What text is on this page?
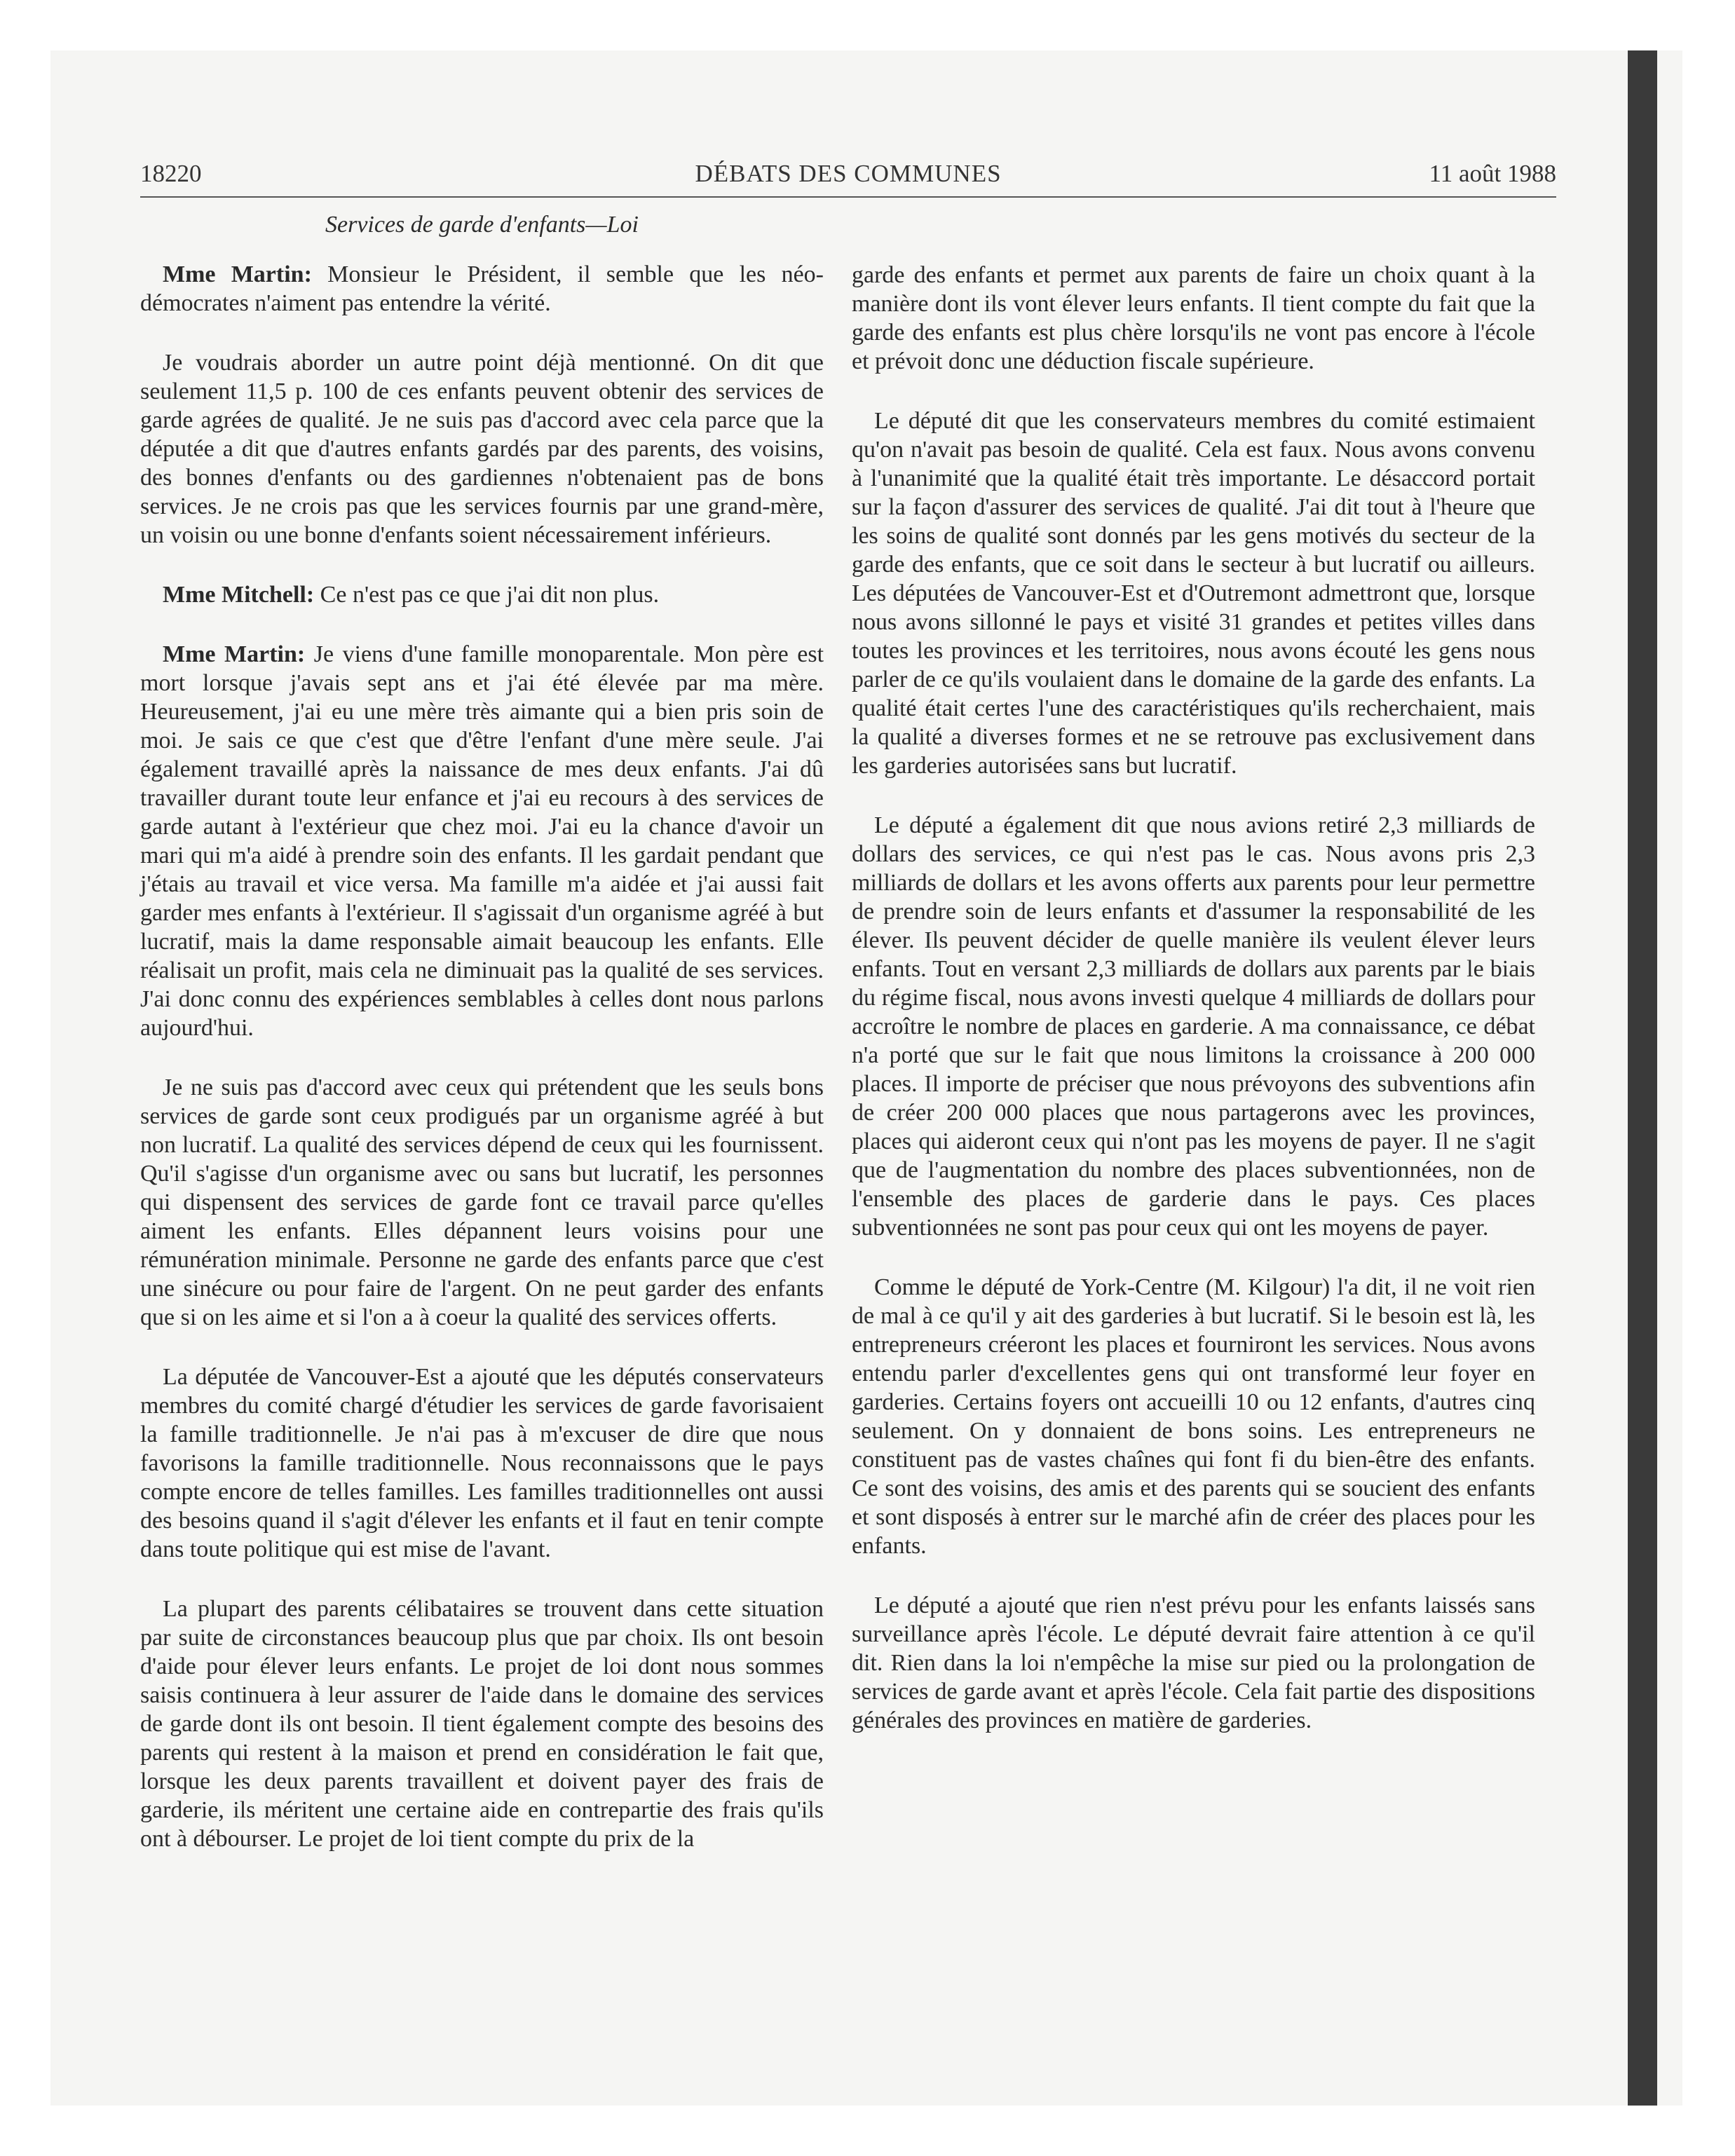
18220	DÉBATS DES COMMUNES	11 août 1988
Services de garde d'enfants—Loi

Mme Martin: Monsieur le Président, il semble que les néo-démocrates n'aiment pas entendre la vérité.

Je voudrais aborder un autre point déjà mentionné. On dit que seulement 11,5 p. 100 de ces enfants peuvent obtenir des services de garde agrées de qualité. Je ne suis pas d'accord avec cela parce que la députée a dit que d'autres enfants gardés par des parents, des voisins, des bonnes d'enfants ou des gardiennes n'obtenaient pas de bons services. Je ne crois pas que les services fournis par une grand-mère, un voisin ou une bonne d'enfants soient nécessairement inférieurs.

Mme Mitchell: Ce n'est pas ce que j'ai dit non plus.

Mme Martin: Je viens d'une famille monoparentale. Mon père est mort lorsque j'avais sept ans et j'ai été élevée par ma mère. Heureusement, j'ai eu une mère très aimante qui a bien pris soin de moi. Je sais ce que c'est que d'être l'enfant d'une mère seule. J'ai également travaillé après la naissance de mes deux enfants. J'ai dû travailler durant toute leur enfance et j'ai eu recours à des services de garde autant à l'extérieur que chez moi. J'ai eu la chance d'avoir un mari qui m'a aidé à prendre soin des enfants. Il les gardait pendant que j'étais au travail et vice versa. Ma famille m'a aidée et j'ai aussi fait garder mes enfants à l'extérieur. Il s'agissait d'un organisme agréé à but lucratif, mais la dame responsable aimait beaucoup les enfants. Elle réalisait un profit, mais cela ne diminuait pas la qualité de ses services. J'ai donc connu des expériences semblables à celles dont nous parlons aujourd'hui.

Je ne suis pas d'accord avec ceux qui prétendent que les seuls bons services de garde sont ceux prodigués par un organisme agréé à but non lucratif. La qualité des services dépend de ceux qui les fournissent. Qu'il s'agisse d'un organisme avec ou sans but lucratif, les personnes qui dispensent des services de garde font ce travail parce qu'elles aiment les enfants. Elles dépannent leurs voisins pour une rémunération minimale. Personne ne garde des enfants parce que c'est une sinécure ou pour faire de l'argent. On ne peut garder des enfants que si on les aime et si l'on a à coeur la qualité des services offerts.

La députée de Vancouver-Est a ajouté que les députés conservateurs membres du comité chargé d'étudier les services de garde favorisaient la famille traditionnelle. Je n'ai pas à m'excuser de dire que nous favorisons la famille traditionnelle. Nous reconnaissons que le pays compte encore de telles familles. Les familles traditionnelles ont aussi des besoins quand il s'agit d'élever les enfants et il faut en tenir compte dans toute politique qui est mise de l'avant.

La plupart des parents célibataires se trouvent dans cette situation par suite de circonstances beaucoup plus que par choix. Ils ont besoin d'aide pour élever leurs enfants. Le projet de loi dont nous sommes saisis continuera à leur assurer de l'aide dans le domaine des services de garde dont ils ont besoin. Il tient également compte des besoins des parents qui restent à la maison et prend en considération le fait que, lorsque les deux parents travaillent et doivent payer des frais de garderie, ils méritent une certaine aide en contrepartie des frais qu'ils ont à débourser. Le projet de loi tient compte du prix de la

garde des enfants et permet aux parents de faire un choix quant à la manière dont ils vont élever leurs enfants. Il tient compte du fait que la garde des enfants est plus chère lorsqu'ils ne vont pas encore à l'école et prévoit donc une déduction fiscale supérieure.

Le député dit que les conservateurs membres du comité estimaient qu'on n'avait pas besoin de qualité. Cela est faux. Nous avons convenu à l'unanimité que la qualité était très importante. Le désaccord portait sur la façon d'assurer des services de qualité. J'ai dit tout à l'heure que les soins de qualité sont donnés par les gens motivés du secteur de la garde des enfants, que ce soit dans le secteur à but lucratif ou ailleurs. Les députées de Vancouver-Est et d'Outremont admettront que, lorsque nous avons sillonné le pays et visité 31 grandes et petites villes dans toutes les provinces et les territoires, nous avons écouté les gens nous parler de ce qu'ils voulaient dans le domaine de la garde des enfants. La qualité était certes l'une des caractéristiques qu'ils recherchaient, mais la qualité a diverses formes et ne se retrouve pas exclusivement dans les garderies autorisées sans but lucratif.

Le député a également dit que nous avions retiré 2,3 milliards de dollars des services, ce qui n'est pas le cas. Nous avons pris 2,3 milliards de dollars et les avons offerts aux parents pour leur permettre de prendre soin de leurs enfants et d'assumer la responsabilité de les élever. Ils peuvent décider de quelle manière ils veulent élever leurs enfants. Tout en versant 2,3 milliards de dollars aux parents par le biais du régime fiscal, nous avons investi quelque 4 milliards de dollars pour accroître le nombre de places en garderie. A ma connaissance, ce débat n'a porté que sur le fait que nous limitons la croissance à 200 000 places. Il importe de préciser que nous prévoyons des subventions afin de créer 200 000 places que nous partagerons avec les provinces, places qui aideront ceux qui n'ont pas les moyens de payer. Il ne s'agit que de l'augmentation du nombre des places subventionnées, non de l'ensemble des places de garderie dans le pays. Ces places subventionnées ne sont pas pour ceux qui ont les moyens de payer.

Comme le député de York-Centre (M. Kilgour) l'a dit, il ne voit rien de mal à ce qu'il y ait des garderies à but lucratif. Si le besoin est là, les entrepreneurs créeront les places et fourniront les services. Nous avons entendu parler d'excellentes gens qui ont transformé leur foyer en garderies. Certains foyers ont accueilli 10 ou 12 enfants, d'autres cinq seulement. On y donnaient de bons soins. Les entrepreneurs ne constituent pas de vastes chaînes qui font fi du bien-être des enfants. Ce sont des voisins, des amis et des parents qui se soucient des enfants et sont disposés à entrer sur le marché afin de créer des places pour les enfants.

Le député a ajouté que rien n'est prévu pour les enfants laissés sans surveillance après l'école. Le député devrait faire attention à ce qu'il dit. Rien dans la loi n'empêche la mise sur pied ou la prolongation de services de garde avant et après l'école. Cela fait partie des dispositions générales des provinces en matière de garderies.
